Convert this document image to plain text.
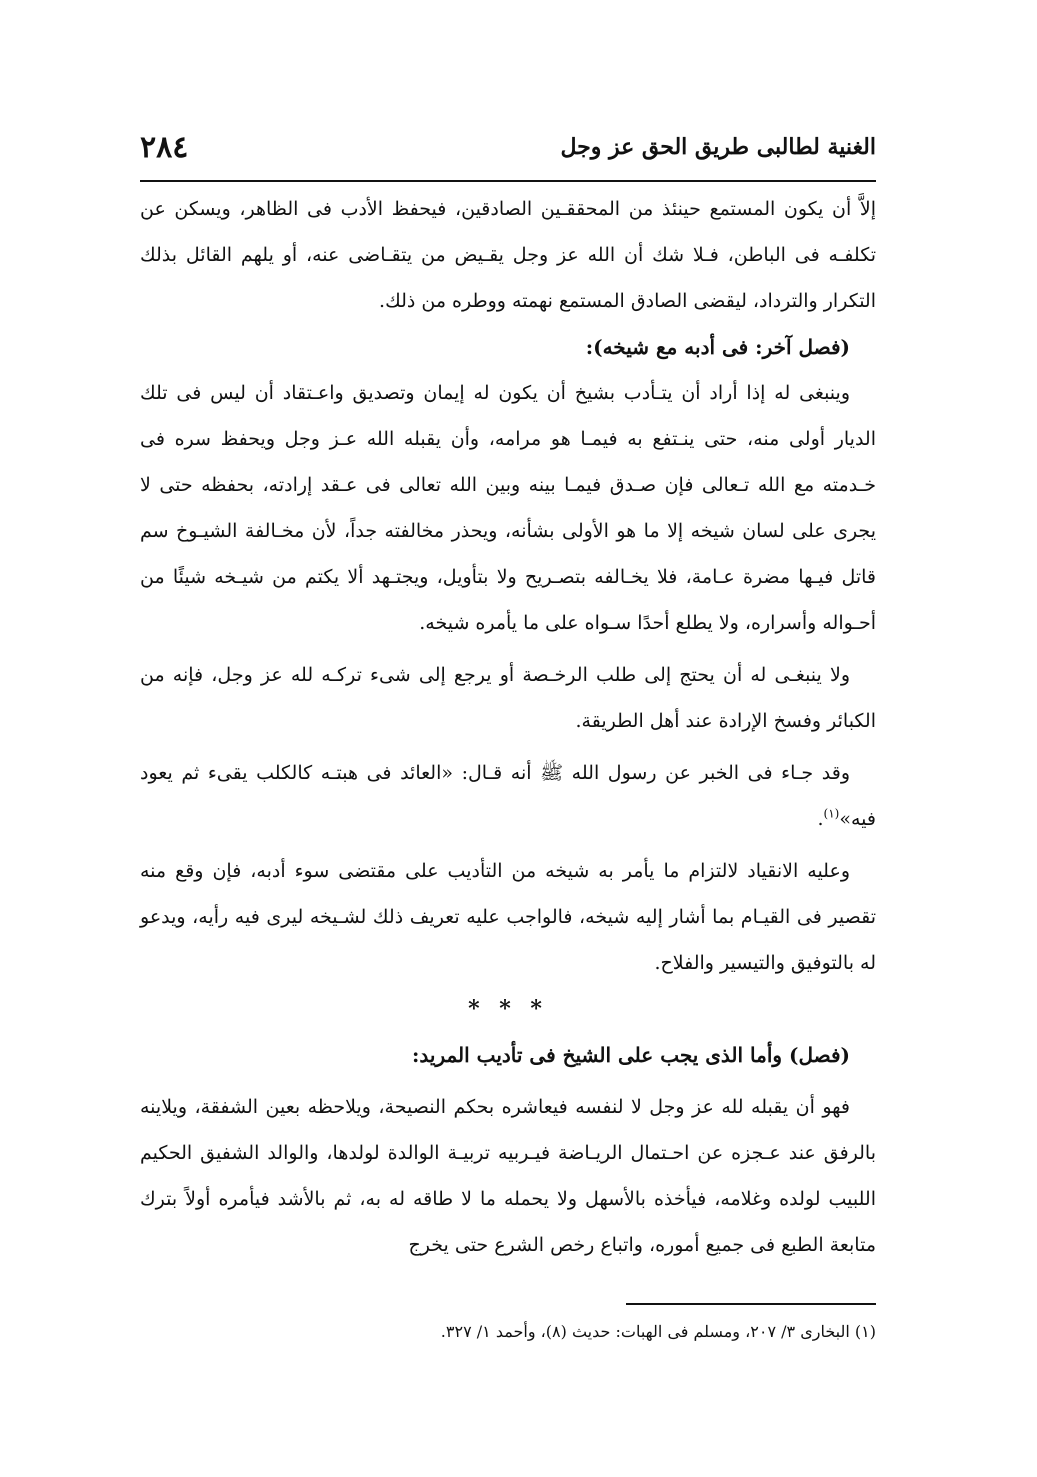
الغنية لطالبى طريق الحق عز وجل
٢٨٤

إلاَّ أن يكون المستمع حينئذ من المحققـين الصادقين، فيحفظ الأدب فى الظاهر، ويسكن عن تكلفـه فى الباطن، فـلا شك أن الله عز وجل يقـيض من يتقـاضى عنه، أو يلهم القائل بذلك التكرار والترداد، ليقضى الصادق المستمع نهمته ووطره من ذلك.

(فصل آخر: فى أدبه مع شيخه):

وينبغى له إذا أراد أن يتـأدب بشيخ أن يكون له إيمان وتصديق واعـتقاد أن ليس فى تلك الديار أولى منه، حتى ينـتفع به فيمـا هو مرامه، وأن يقبله الله عـز وجل ويحفظ سره فى خـدمته مع الله تـعالى فإن صـدق فيمـا بينه وبين الله تعالى فى عـقد إرادته، بحفظه حتى لا يجرى على لسان شيخه إلا ما هو الأولى بشأنه، ويحذر مخالفته جداً، لأن مخـالفة الشيـوخ سم قاتل فيـها مضرة عـامة، فلا يخـالفه بتصـريح ولا بتأويل، ويجتـهد ألا يكتم من شيـخه شيئًا من أحـواله وأسراره، ولا يطلع أحدًا سـواه على ما يأمره شيخه.

ولا ينبغـى له أن يحتج إلى طلب الرخـصة أو يرجع إلى شىء تركـه لله عز وجل، فإنه من الكبائر وفسخ الإرادة عند أهل الطريقة.

وقد جـاء فى الخبر عن رسول الله ﷺ أنه قـال: «العائد فى هبتـه كالكلب يقىء ثم يعود فيه»$^{(١)}$.

وعليه الانقياد لالتزام ما يأمر به شيخه من التأديب على مقتضى سوء أدبه، فإن وقع منه تقصير فى القيـام بما أشار إليه شيخه، فالواجب عليه تعريف ذلك لشـيخه ليرى فيه رأيه، ويدعو له بالتوفيق والتيسير والفلاح.

* * *

(فصل) وأما الذى يجب على الشيخ فى تأديب المريد:

فهو أن يقبله لله عز وجل لا لنفسه فيعاشره بحكم النصيحة، ويلاحظه بعين الشفقة، ويلاينه بالرفق عند عـجزه عن احـتمال الريـاضة فيـربيه تربيـة الوالدة لولدها، والوالد الشفيق الحكيم اللبيب لولده وغلامه، فيأخذه بالأسهل ولا يحمله ما لا طاقه له به، ثم بالأشد فيأمره أولاً بترك متابعة الطبع فى جميع أموره، واتباع رخص الشرع حتى يخرج

(١) البخارى ٣/ ٢٠٧، ومسلم فى الهبات: حديث (٨)، وأحمد ١/ ٣٢٧.
